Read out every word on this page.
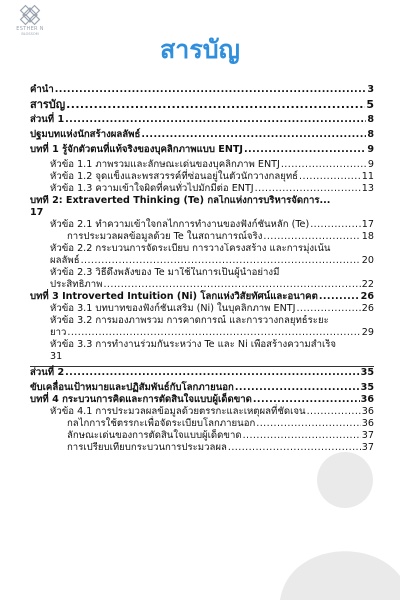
ESTHER N
BLOSSOM
สารบัญ
คำนำ .....	3
สารบัญ .....	5
ส่วนที่ 1 .....	8
ปฐมบทแห่งนักสร้างผลลัพธ์ .....	8
บทที่ 1 รู้จักตัวตนที่แท้จริงของบุคลิกภาพแบบ ENTJ .....	9
หัวข้อ 1.1 ภาพรวมและลักษณะเด่นของบุคลิกภาพ ENTJ .....	9
หัวข้อ 1.2 จุดแข็งและพรสวรรค์ที่ซ่อนอยู่ในตัวนักวางกลยุทธ์ .....	11
หัวข้อ 1.3 ความเข้าใจผิดที่คนทั่วไปมักมีต่อ ENTJ .....	13
บทที่ 2: Extraverted Thinking (Te) กลไกแห่งการบริหารจัดการ...
17
หัวข้อ 2.1 ทำความเข้าใจกลไกการทำงานของฟังก์ชันหลัก (Te) .....	17
การประมวลผลข้อมูลด้วย Te ในสถานการณ์จริง .....	18
หัวข้อ 2.2 กระบวนการจัดระเบียบ การวางโครงสร้าง และการมุ่งเน้น
ผลลัพธ์ .....	20
หัวข้อ 2.3 วิธีดึงพลังของ Te มาใช้ในการเป็นผู้นำอย่างมี
ประสิทธิภาพ .....	22
บทที่ 3 Introverted Intuition (Ni) โลกแห่งวิสัยทัศน์และอนาคต .....	26
หัวข้อ 3.1 บทบาทของฟังก์ชันเสริม (Ni) ในบุคลิกภาพ ENTJ .....	26
หัวข้อ 3.2 การมองภาพรวม การคาดการณ์ และการวางกลยุทธ์ระยะ
ยาว .....	29
หัวข้อ 3.3 การทำงานร่วมกันระหว่าง Te และ Ni เพื่อสร้างความสำเร็จ
31
ส่วนที่ 2 .....	35
ขับเคลื่อนเป้าหมายและปฏิสัมพันธ์กับโลกภายนอก .....	35
บทที่ 4 กระบวนการคิดและการตัดสินใจแบบผู้เด็ดขาด .....	36
หัวข้อ 4.1 การประมวลผลข้อมูลด้วยตรรกะและเหตุผลที่ชัดเจน .....	36
กลไกการใช้ตรรกะเพื่อจัดระเบียบโลกภายนอก .....	36
ลักษณะเด่นของการตัดสินใจแบบผู้เด็ดขาด .....	37
การเปรียบเทียบกระบวนการประมวลผล .....	37
